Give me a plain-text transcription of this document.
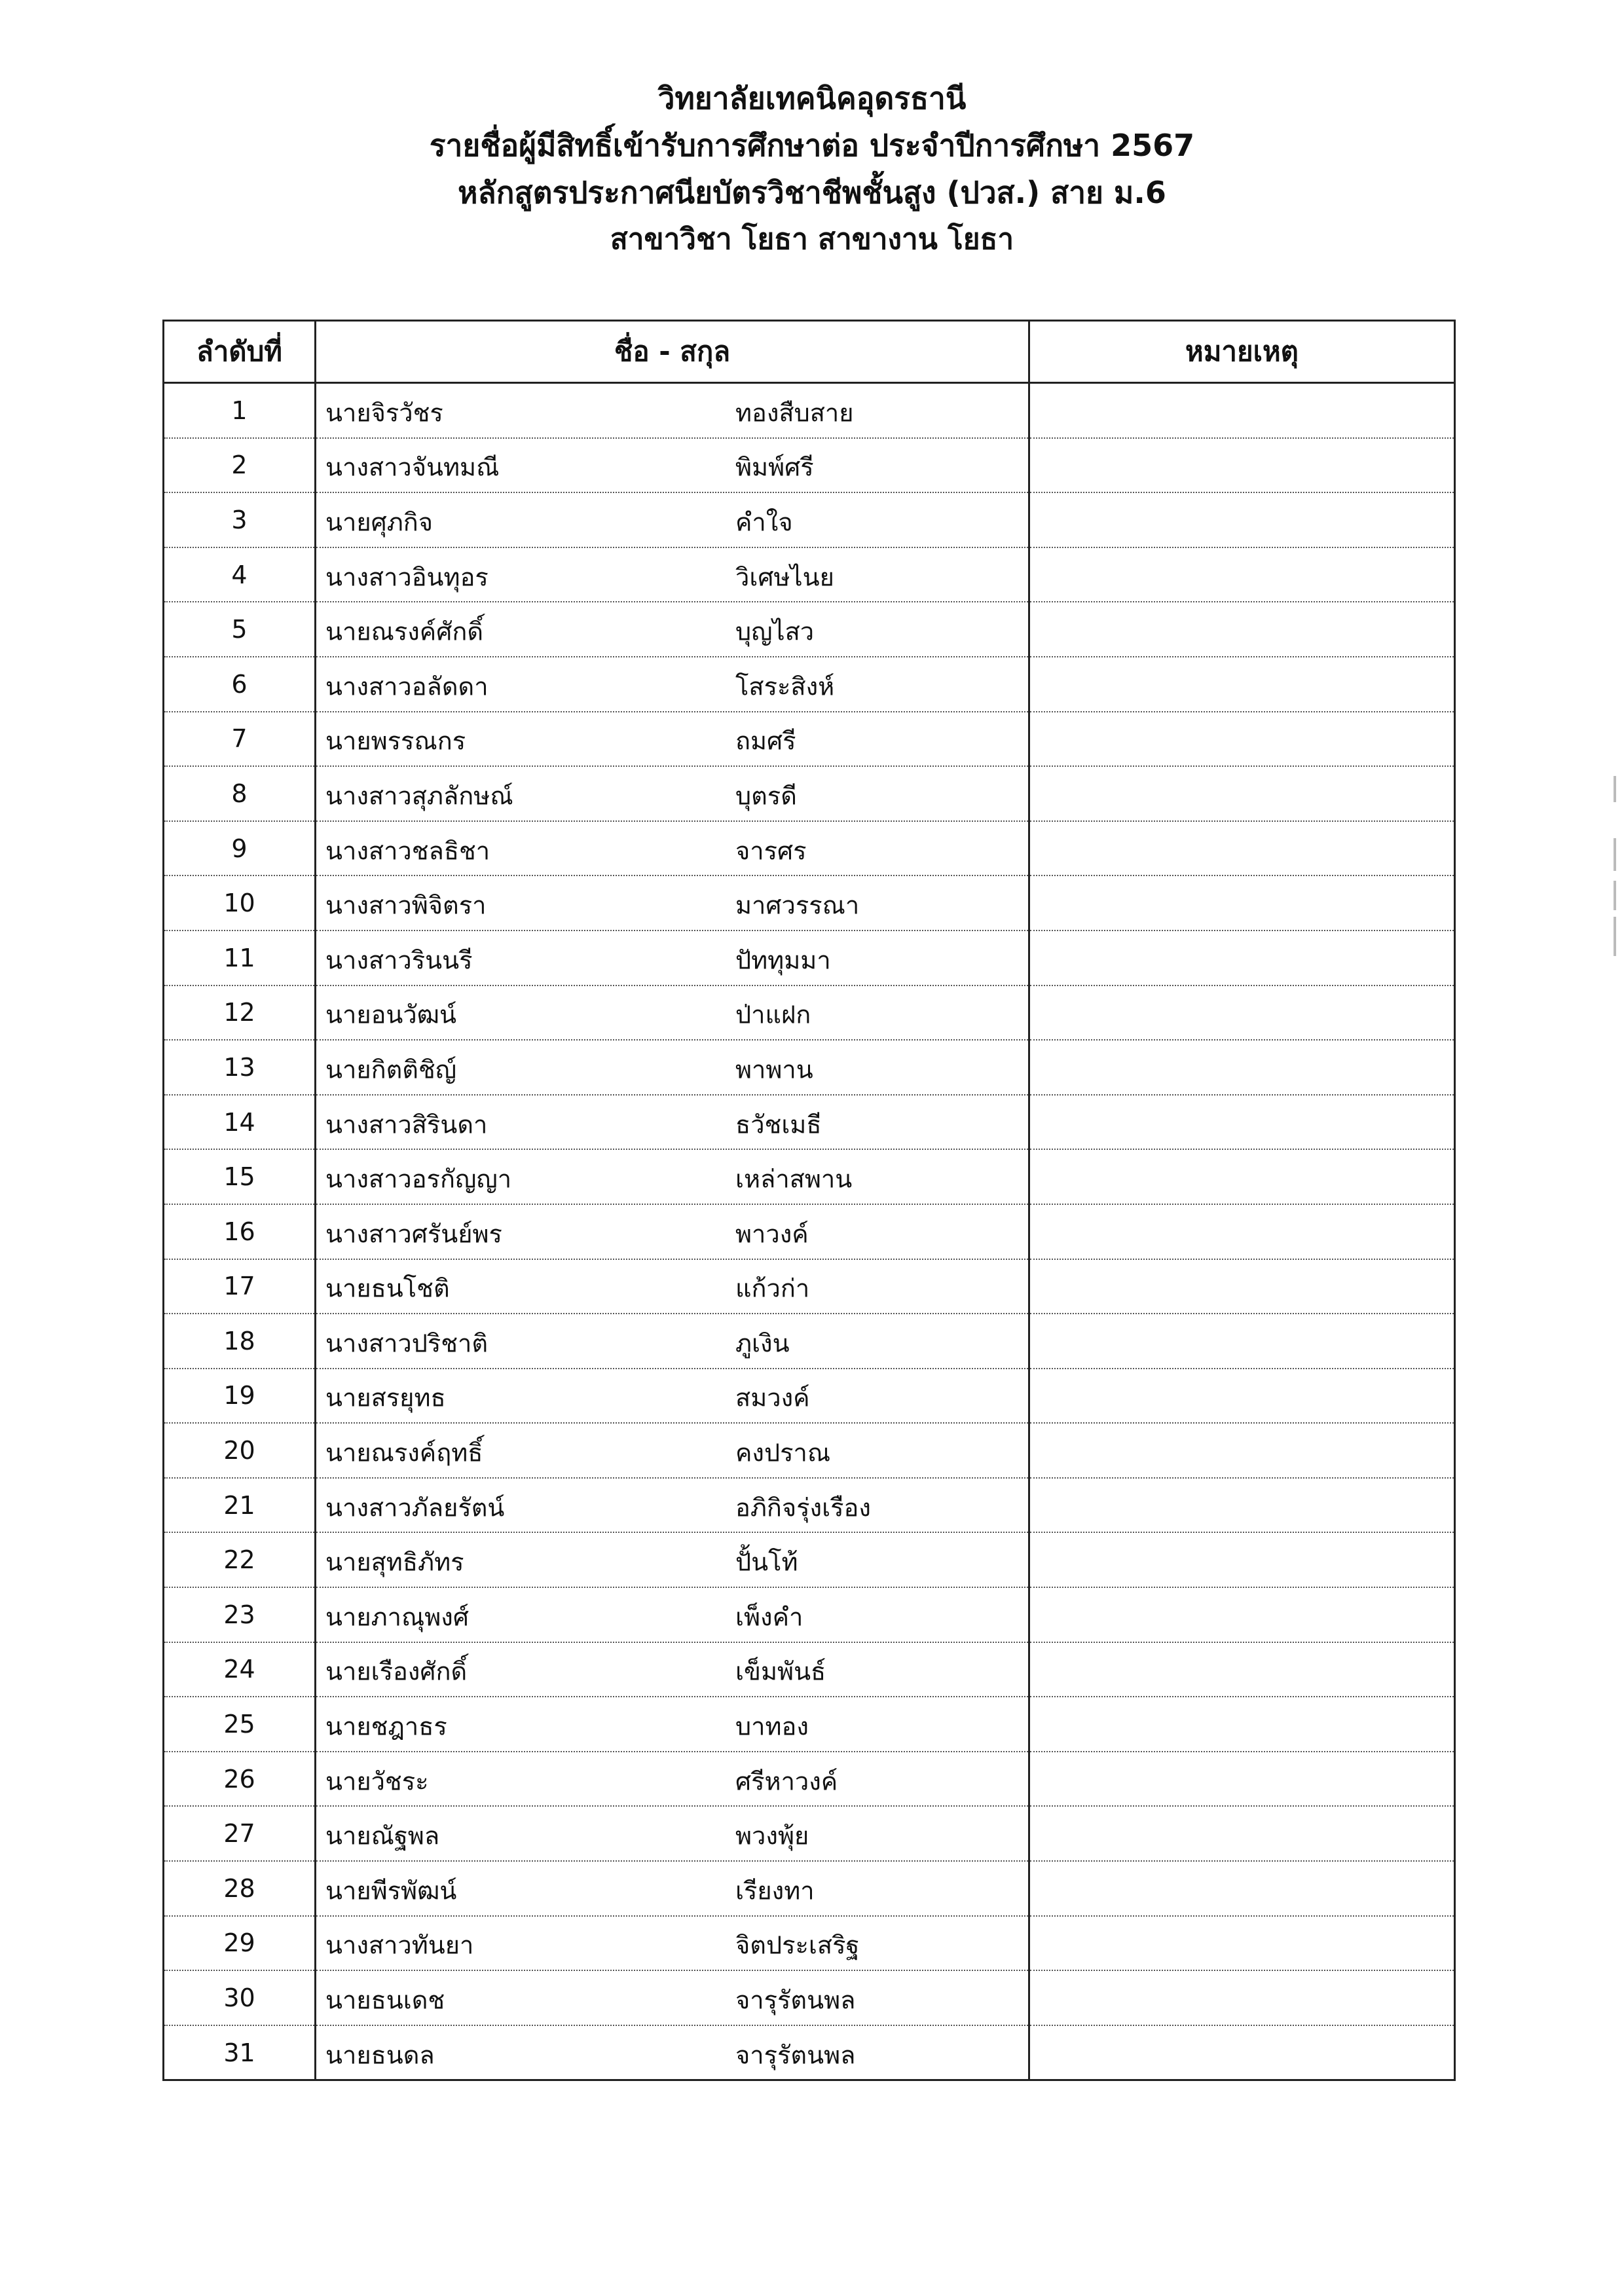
วิทยาลัยเทคนิคอุดรธานี
รายชื่อผู้มีสิทธิ์เข้ารับการศึกษาต่อ ประจำปีการศึกษา 2567
หลักสูตรประกาศนียบัตรวิชาชีพชั้นสูง (ปวส.) สาย ม.6
สาขาวิชา โยธา สาขางาน โยธา
ลำดับที่	ชื่อ - สกุล	หมายเหตุ
1	นายจิรวัชร ทองสืบสาย	

2	นางสาวจันทมณี พิมพ์ศรี	

3	นายศุภกิจ คำใจ	

4	นางสาวอินทุอร วิเศษไนย	

5	นายณรงค์ศักดิ์ บุญไสว	

6	นางสาวอลัดดา โสระสิงห์	

7	นายพรรณกร ถมศรี	

8	นางสาวสุภลักษณ์ บุตรดี	

9	นางสาวชลธิชา จารศร	

10	นางสาวพิจิตรา มาศวรรณา	

11	นางสาวรินนรี ปัททุมมา	

12	นายอนวัฒน์ ป่าแฝก	

13	นายกิตติชิญ์ พาพาน	

14	นางสาวสิรินดา ธวัชเมธี	

15	นางสาวอรกัญญา เหล่าสพาน	

16	นางสาวศรันย์พร พาวงค์	

17	นายธนโชติ แก้วก่า	

18	นางสาวปริชาติ ภูเงิน	

19	นายสรยุทธ สมวงค์	

20	นายณรงค์ฤทธิ์ คงปราณ	

21	นางสาวภัลยรัตน์ อภิกิจรุ่งเรือง	

22	นายสุทธิภัทร ปั้นโท้	

23	นายภาณุพงศ์ เพ็งคำ	

24	นายเรืองศักดิ์ เข็มพันธ์	

25	นายชฎาธร บาทอง	

26	นายวัชระ ศรีหาวงค์	

27	นายณัฐพล พวงพุ้ย	

28	นายพีรพัฒน์ เรียงทา	

29	นางสาวทันยา จิตประเสริฐ	

30	นายธนเดช จารุรัตนพล	

31	นายธนดล จารุรัตนพล	
